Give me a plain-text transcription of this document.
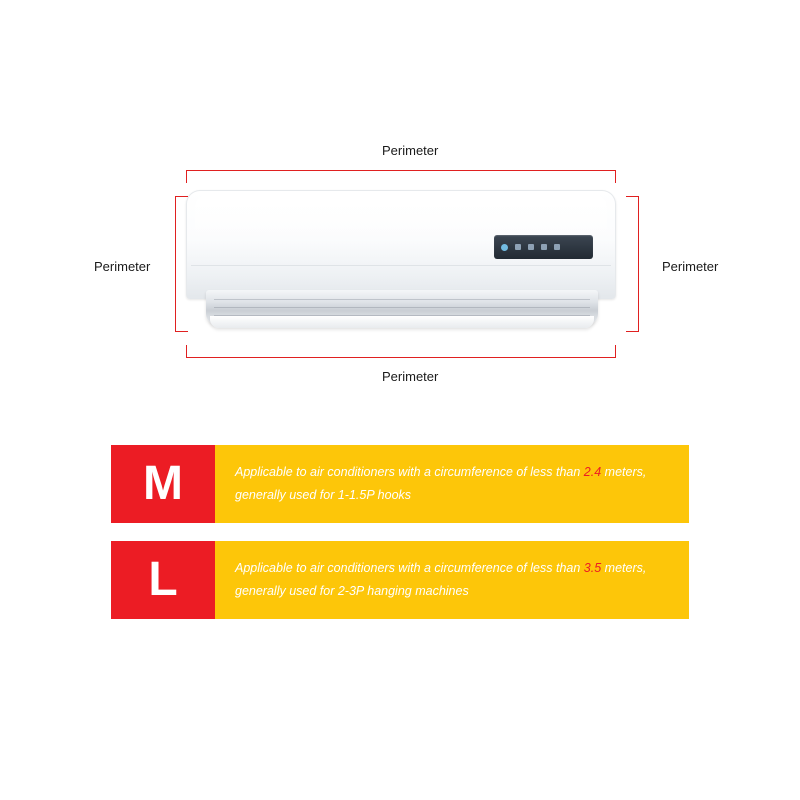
Perimeter
Perimeter
Perimeter	Perimeter
M	Applicable to air conditioners with a circumference of less than 2.4 meters, generally used for 1-1.5P hooks

L	Applicable to air conditioners with a circumference of less than 3.5 meters, generally used for 2-3P hanging machines
